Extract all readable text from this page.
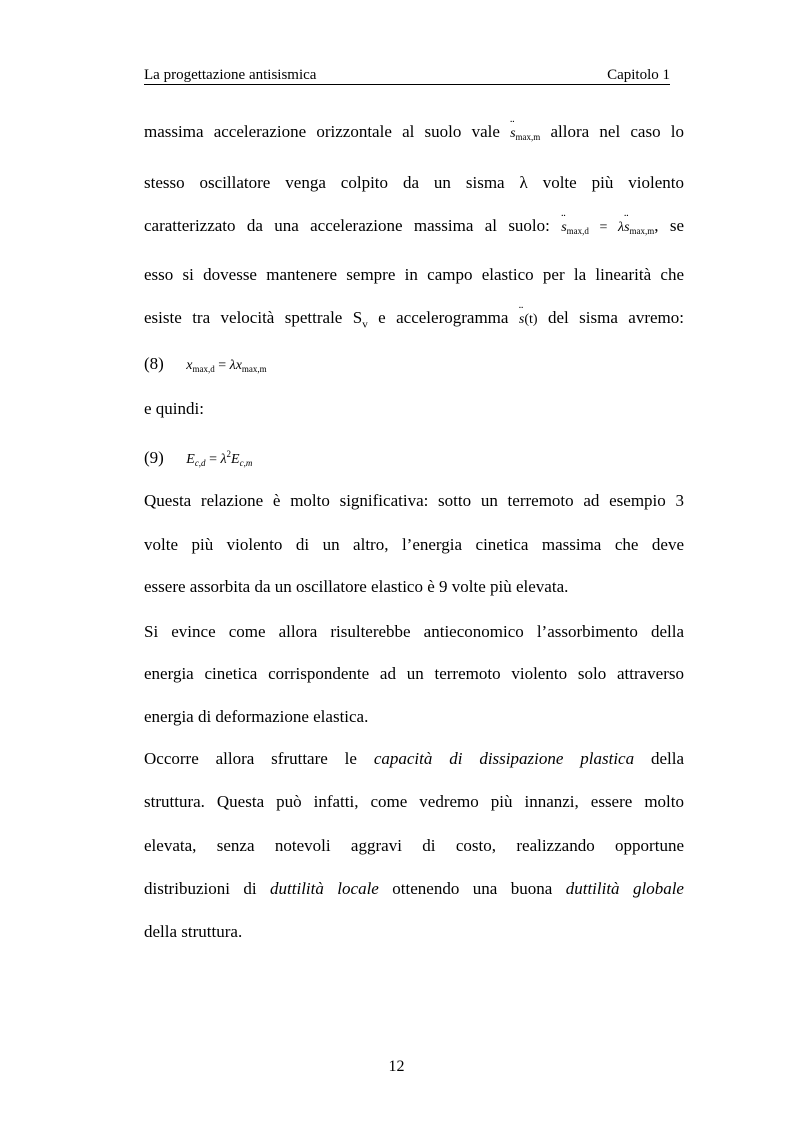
La progettazione antisismica	Capitolo 1
massima accelerazione orizzontale al suolo vale ¨ $s_{max,m}$ allora nel caso lo
stesso oscillatore venga colpito da un sisma λ volte più violento
caratterizzato da una accelerazione massima al suolo: ¨ $s_{max,d}$ = λ¨ $s_{max,m}$, se
esso si dovesse mantenere sempre in campo elastico per la linearità che
esiste tra velocità spettrale $S_v$ e accelerogramma ¨ s(t) del sisma avremo:
(8) $x_{max,d} = \lambda x_{max,m}$
e quindi:
(9) $E_{c,d} = \lambda^2E_{c,m}$
Questa relazione è molto significativa: sotto un terremoto ad esempio 3
volte più violento di un altro, l’energia cinetica massima che deve
essere assorbita da un oscillatore elastico è 9 volte più elevata.
Si evince come allora risulterebbe antieconomico l’assorbimento della
energia cinetica corrispondente ad un terremoto violento solo attraverso
energia di deformazione elastica.
Occorre allora sfruttare le capacità di dissipazione plastica della
struttura. Questa può infatti, come vedremo più innanzi, essere molto
elevata, senza notevoli aggravi di costo, realizzando opportune
distribuzioni di duttilità locale ottenendo una buona duttilità globale
della struttura.
12
